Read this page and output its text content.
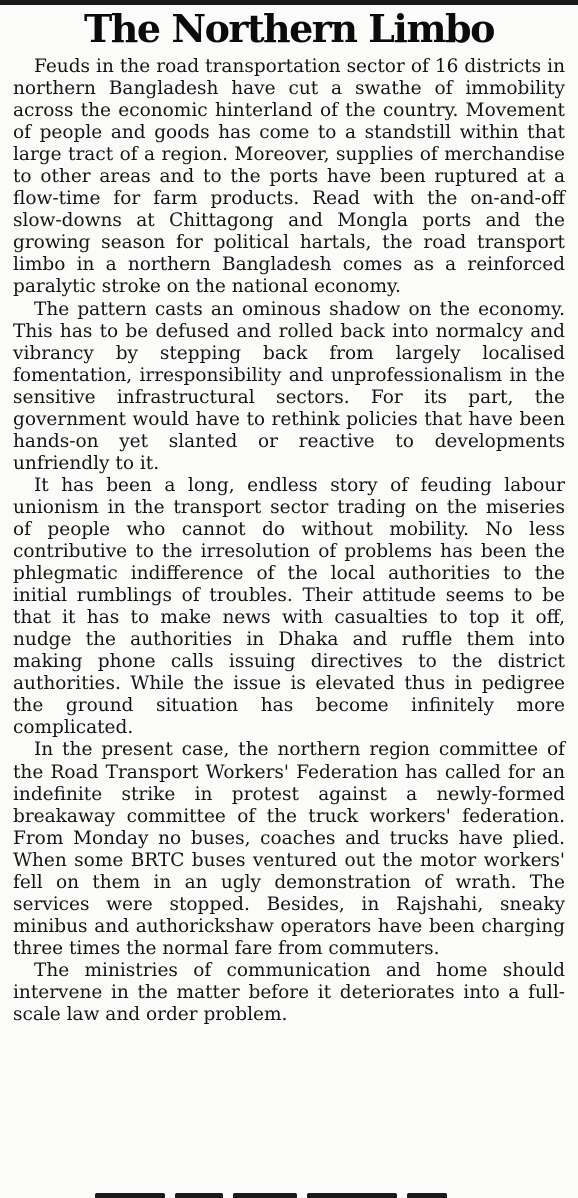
The Northern Limbo

Feuds in the road transportation sector of 16 districts in northern Bangladesh have cut a swathe of immobility across the economic hinterland of the country. Movement of people and goods has come to a standstill within that large tract of a region. Moreover, supplies of merchandise to other areas and to the ports have been ruptured at a flow-time for farm products. Read with the on-and-off slow-downs at Chittagong and Mongla ports and the growing season for political hartals, the road transport limbo in a northern Bangladesh comes as a reinforced paralytic stroke on the national economy.

The pattern casts an ominous shadow on the economy. This has to be defused and rolled back into normalcy and vibrancy by stepping back from largely localised fomentation, irresponsibility and unprofessionalism in the sensitive infrastructural sectors. For its part, the government would have to rethink policies that have been hands-on yet slanted or reactive to developments unfriendly to it.

It has been a long, endless story of feuding labour unionism in the transport sector trading on the miseries of people who cannot do without mobility. No less contributive to the irresolution of problems has been the phlegmatic indifference of the local authorities to the initial rumblings of troubles. Their attitude seems to be that it has to make news with casualties to top it off, nudge the authorities in Dhaka and ruffle them into making phone calls issuing directives to the district authorities. While the issue is elevated thus in pedigree the ground situation has become infinitely more complicated.

In the present case, the northern region committee of the Road Transport Workers' Federation has called for an indefinite strike in protest against a newly-formed breakaway committee of the truck workers' federation. From Monday no buses, coaches and trucks have plied. When some BRTC buses ventured out the motor workers' fell on them in an ugly demonstration of wrath. The services were stopped. Besides, in Rajshahi, sneaky minibus and authorickshaw operators have been charging three times the normal fare from commuters.

The ministries of communication and home should intervene in the matter before it deteriorates into a full-scale law and order problem.
